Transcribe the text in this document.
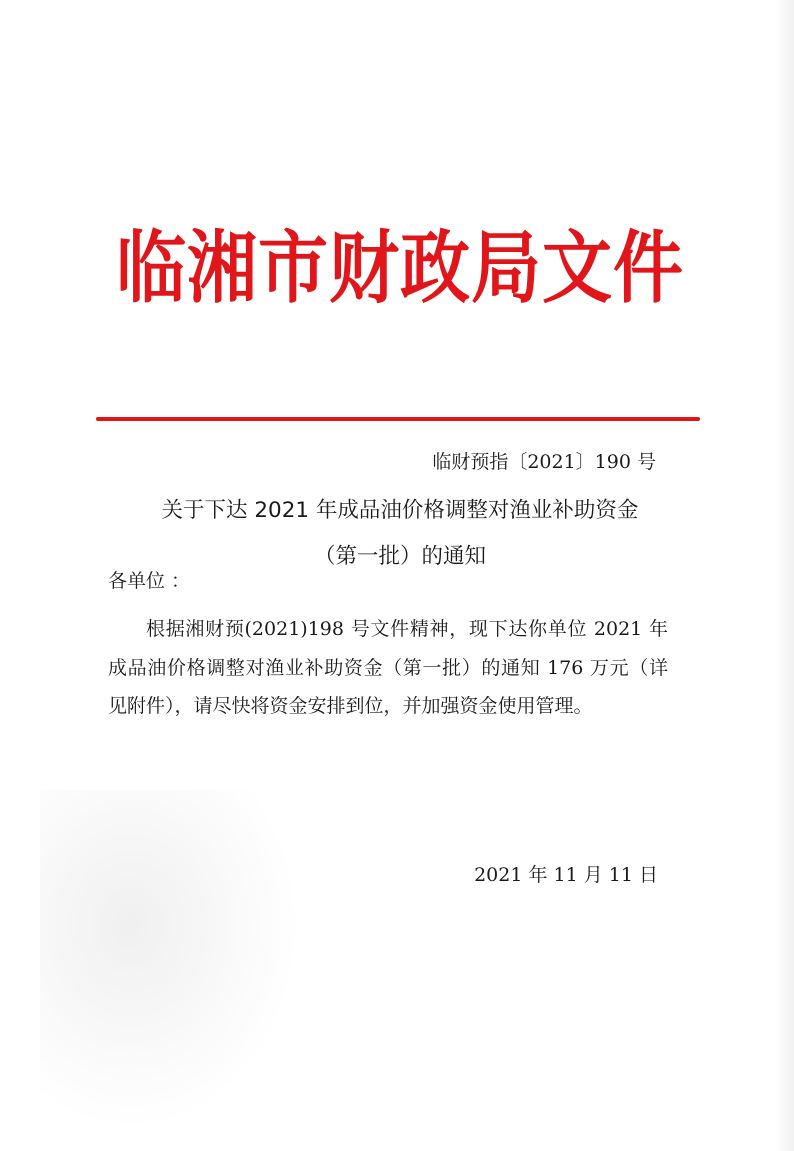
临湘市财政局文件
临财预指〔2021〕190 号
关于下达 2021 年成品油价格调整对渔业补助资金
（第一批）的通知
各单位 ：
根据湘财预(2021)198 号文件精神，现下达你单位 2021 年成品油价格调整对渔业补助资金（第一批）的通知 176 万元（详见附件），请尽快将资金安排到位，并加强资金使用管理。
2021 年 11 月 11 日
